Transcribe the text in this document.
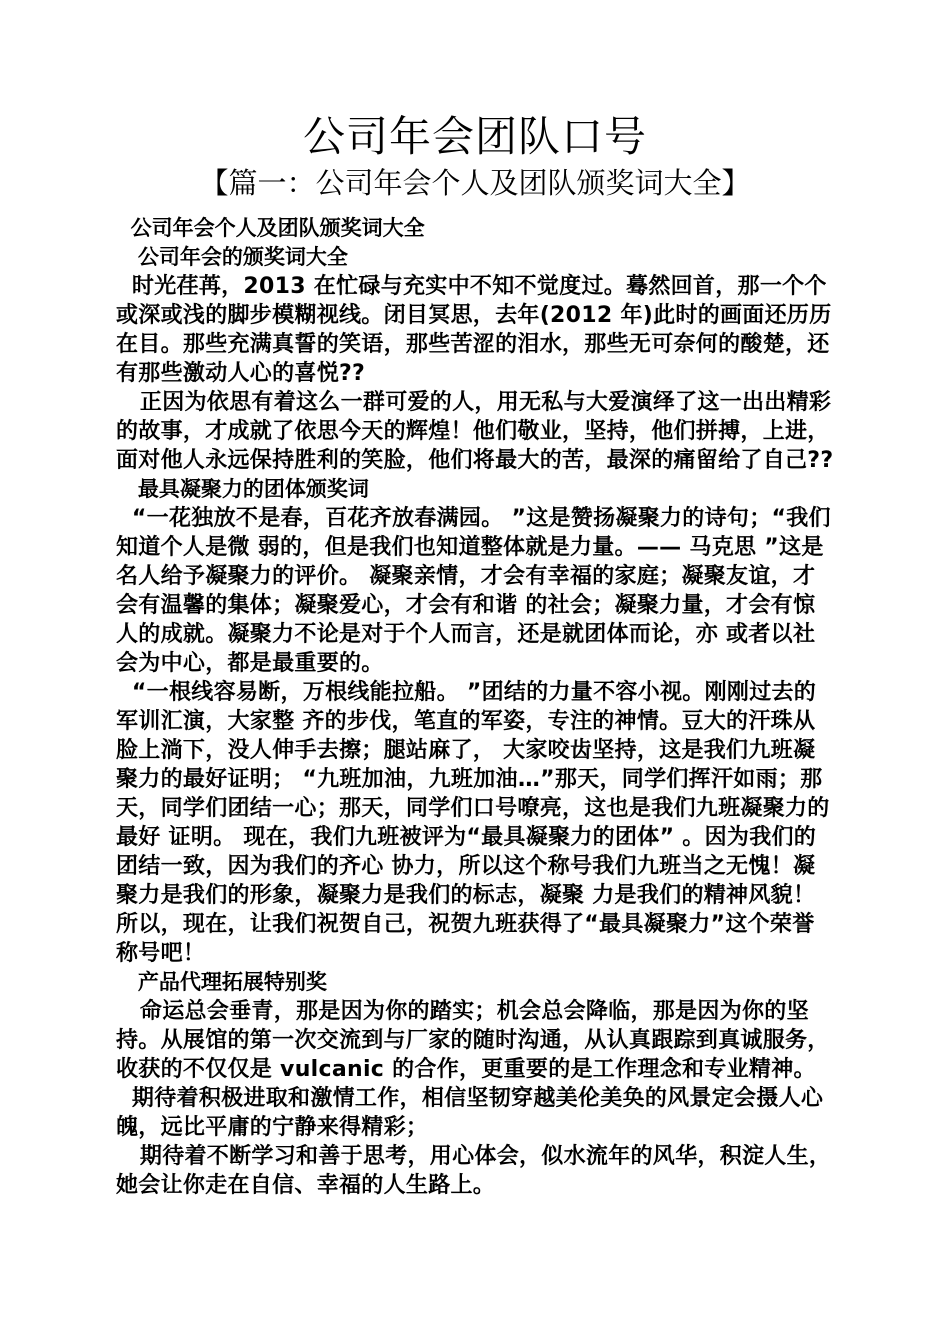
公司年会团队口号
【篇一：公司年会个人及团队颁奖词大全】

公司年会个人及团队颁奖词大全

公司年会的颁奖词大全

时光荏苒，2013 在忙碌与充实中不知不觉度过。蓦然回首，那一个个或深或浅的脚步模糊视线。闭目冥思，去年(2012 年)此时的画面还历历在目。那些充满真誓的笑语，那些苦涩的泪水，那些无可奈何的酸楚，还有那些激动人心的喜悦??

正因为依思有着这么一群可爱的人，用无私与大爱演绎了这一出出精彩的故事，才成就了依思今天的辉煌！他们敬业，坚持，他们拼搏，上进，面对他人永远保持胜利的笑脸，他们将最大的苦，最深的痛留给了自己??

最具凝聚力的团体颁奖词

“一花独放不是春，百花齐放春满园。 ”这是赞扬凝聚力的诗句；“我们知道个人是微 弱的，但是我们也知道整体就是力量。—— 马克思 ”这是名人给予凝聚力的评价。 凝聚亲情，才会有幸福的家庭；凝聚友谊，才会有温馨的集体；凝聚爱心，才会有和谐 的社会；凝聚力量，才会有惊人的成就。凝聚力不论是对于个人而言，还是就团体而论，亦 或者以社会为中心，都是最重要的。

“一根线容易断，万根线能拉船。 ”团结的力量不容小视。刚刚过去的军训汇演，大家整 齐的步伐，笔直的军姿，专注的神情。豆大的汗珠从脸上淌下，没人伸手去擦；腿站麻了， 大家咬齿坚持，这是我们九班凝聚力的最好证明； “九班加油，九班加油…”那天，同学们挥汗如雨；那天，同学们团结一心；那天，同学们口号嘹亮，这也是我们九班凝聚力的最好 证明。 现在，我们九班被评为“最具凝聚力的团体” 。因为我们的团结一致，因为我们的齐心 协力，所以这个称号我们九班当之无愧！凝聚力是我们的形象，凝聚力是我们的标志，凝聚 力是我们的精神风貌！ 所以，现在，让我们祝贺自己，祝贺九班获得了“最具凝聚力”这个荣誉称号吧！

产品代理拓展特别奖

命运总会垂青，那是因为你的踏实；机会总会降临，那是因为你的坚持。从展馆的第一次交流到与厂家的随时沟通，从认真跟踪到真诚服务，收获的不仅仅是 vulcanic 的合作，更重要的是工作理念和专业精神。

期待着积极进取和激情工作，相信坚韧穿越美伦美奂的风景定会摄人心魄，远比平庸的宁静来得精彩；

期待着不断学习和善于思考，用心体会，似水流年的风华，积淀人生，她会让你走在自信、幸福的人生路上。
